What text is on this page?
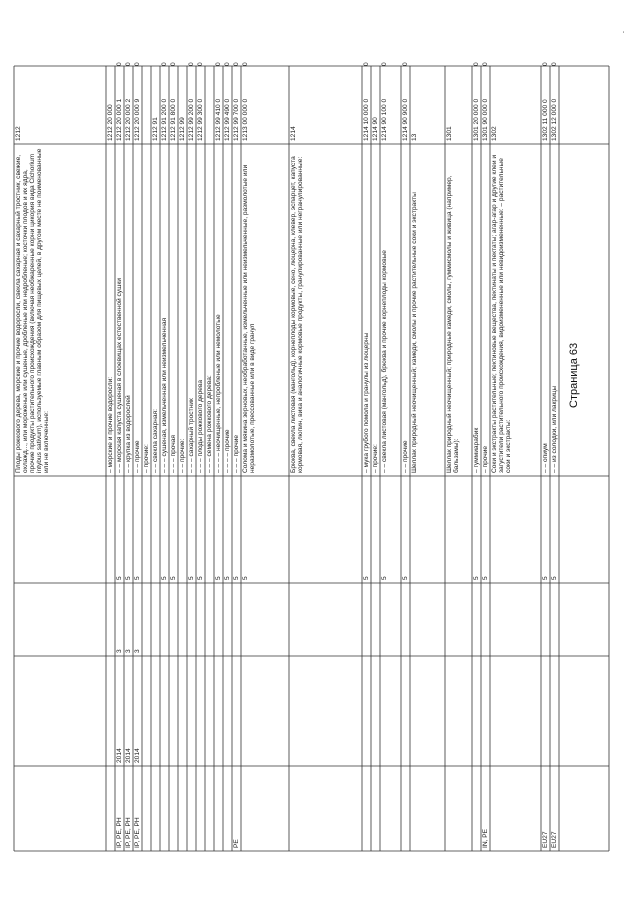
1212
Плоды рожкового дерева, морские и прочие водоросли, свекла сахарная и сахарный тростник, свежие, охлажд..., или мороженые или сушеные, дробленые или недробленые; косточки плодов и их ядра, прочие продукты растительного происхождения (включая необжаренные корни цикория вида Cichorium intybus sativum), используемые главным образом для пищевых целей, в другом месте не поименованные или не включенные:
1212 20 000
– морские и прочие водоросли:
1212 20 000 1
– – морская капуста сушеная в слоевищах естественной сушки
5
3
2014
IP, PE, PH
0
1212 20 000 2
– – крупка из водорослей
5
3
2014
IP, PE, PH
0
1212 20 000 9
– – прочие
5
3
2014
IP, PE, PH
0
– прочие:
1212 91
– – свекла сахарная:
1212 91 200 0
– – – сушеная, измельченная или неизмельченная
5
0
1212 91 800 0
– – – прочая
5
0
1212 99
– – прочие:
1212 99 200 0
– – – сахарный тростник
5
0
1212 99 300 0
– – – плоды рожкового дерева
5
0
– – – семена рожкового дерева:
1212 99 410 0
– – – – неочищенные, непробленые или немолотые
5
0
1212 99 490 0
– – – – прочие
5
0
1212 99 700 0
– – – прочие
5
PE
0
1213 00 000 0
Солома и мякина зерновых, необработанные, измельченные или неизмельченные, размолотые или неразмолотые, прессованные или в виде гранул
5
0
1214
Брюква, свекла листовая (мангольд), корнеплоды кормовые, сено, люцерна, клевер, эспарцет, капуста кормовая, люпин, вика и аналогичные кормовые продукты, гранулированные или негранулированные:
1214 10 000 0
– мука грубого помола и гранулы из люцерны
5
0
1214 90
– прочие:
1214 90 100 0
– – свекла листовая (мангольд), брюква и прочие корнеплоды кормовые
5
0
1214 90 900 0
– – прочие
5
0
13
Шеллак природный неочищенный; камеди, смолы и прочие растительные соки и экстракты
1301
Шеллак природный неочищенный; природные камеди, смолы, гуммисмолы и живица (например, бальзамы):
1301 20 000 0
– гуммиарабик
5
0
1301 90 000 0
– прочие
5
IN, PE
0
1302
Соки и экстракты растительные; пектиновые вещества, пектинаты и пектаты; агар-агар и другие клеи и загустители растительного происхождения, видоизмененные или невидоизмененные: – растительные соки и экстракты:
1302 11 000 0
– – опиум
5
EU27
0
1302 12 000 0
– – из солодки, или лакрицы
5
EU27
0
ʿ
Страница 63
